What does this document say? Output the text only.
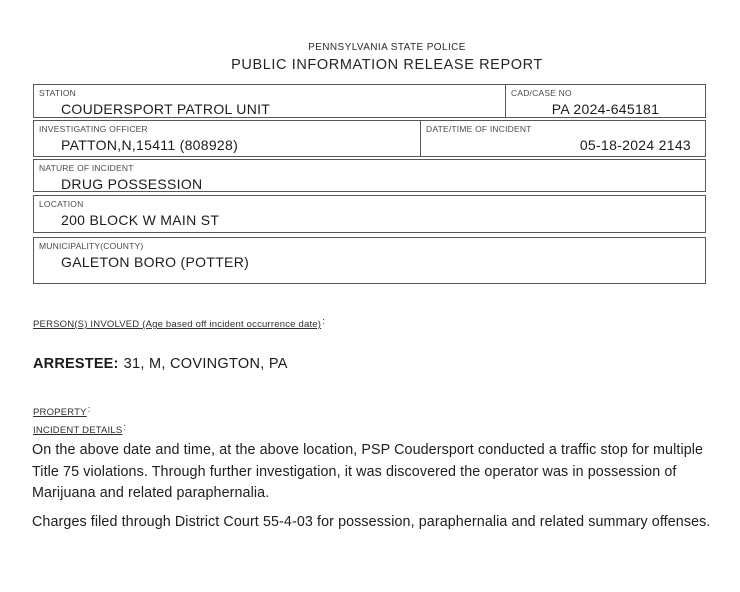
PENNSYLVANIA STATE POLICE
PUBLIC INFORMATION RELEASE REPORT
STATION
COUDERSPORT PATROL UNIT
CAD/CASE NO
PA 2024-645181
INVESTIGATING OFFICER
PATTON,N,15411 (808928)
DATE/TIME OF INCIDENT
05-18-2024 2143
NATURE OF INCIDENT
DRUG POSSESSION
LOCATION
200 BLOCK W MAIN ST
MUNICIPALITY(COUNTY)
GALETON BORO (POTTER)
PERSON(S) INVOLVED (Age based off incident occurrence date):
ARRESTEE: 31, M, COVINGTON, PA
PROPERTY:
INCIDENT DETAILS:
On the above date and time, at the above location, PSP Coudersport conducted a traffic stop for multiple Title 75 violations. Through further investigation, it was discovered the operator was in possession of Marijuana and related paraphernalia.
Charges filed through District Court 55-4-03 for possession, paraphernalia and related summary offenses.
